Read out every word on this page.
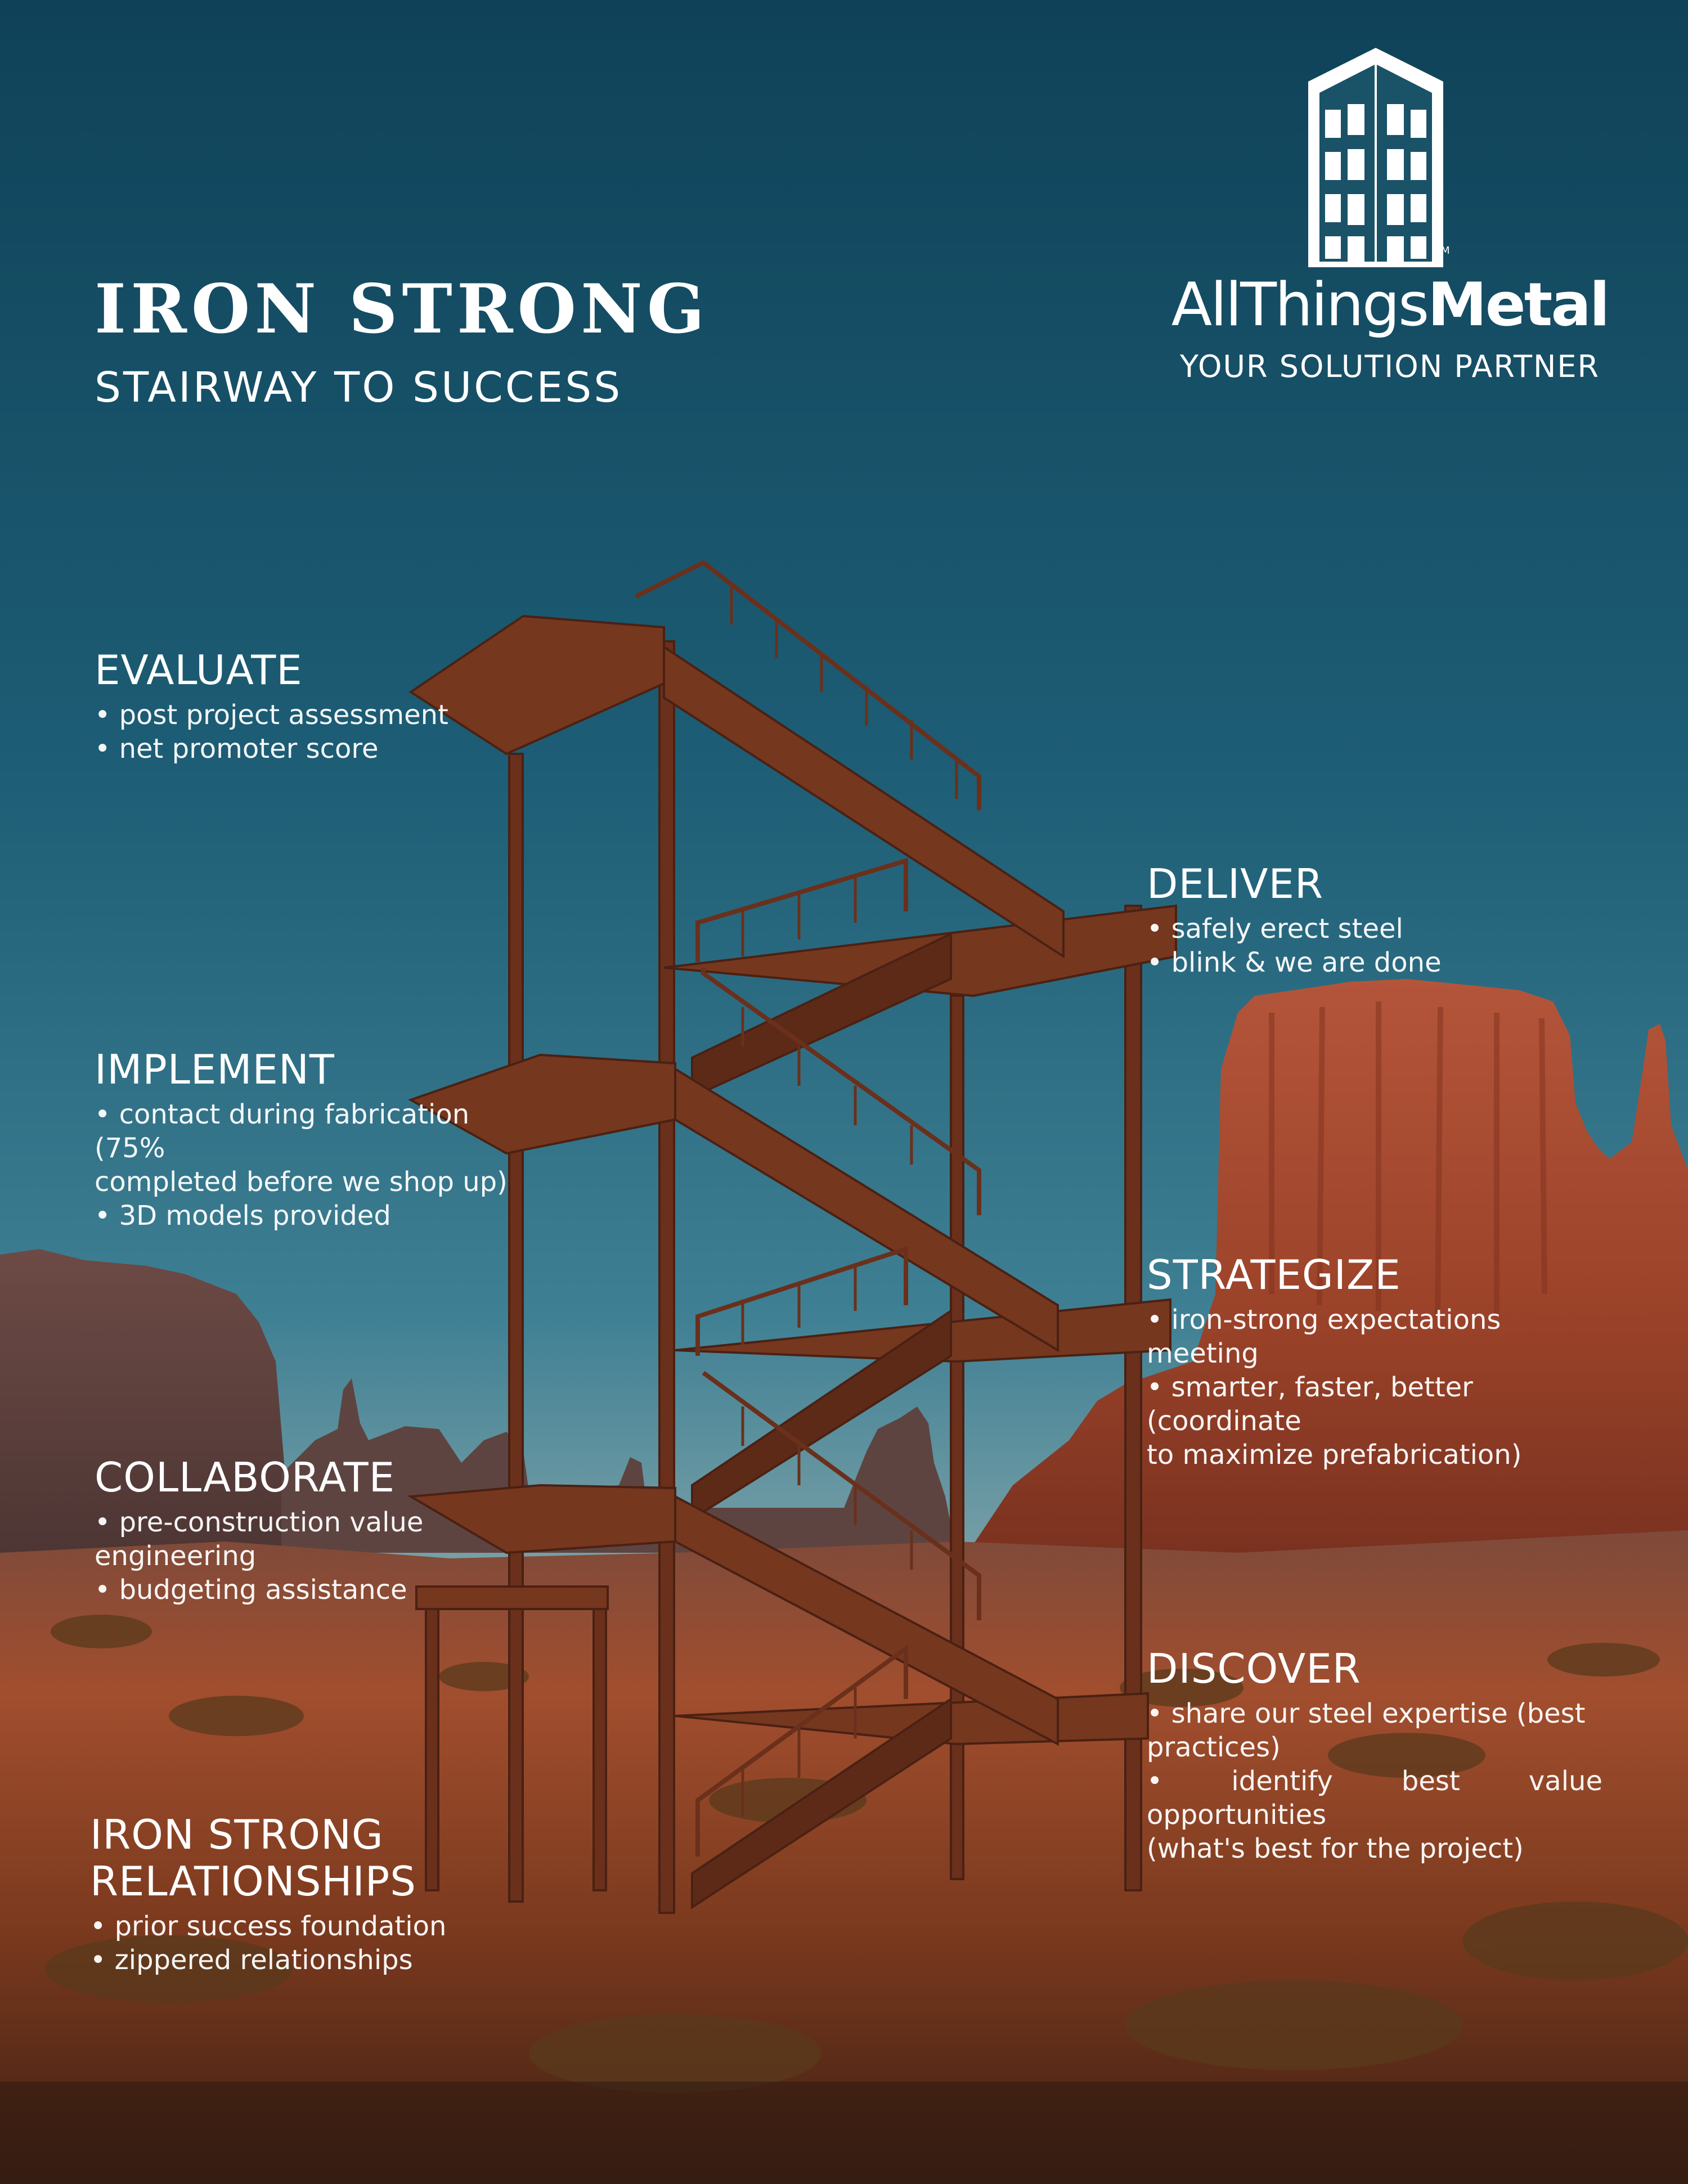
IRON STRONG
STAIRWAY TO SUCCESS
AllThingsMetal
TM
YOUR SOLUTION PARTNER
EVALUATE
• post project assessment
• net promoter score
DELIVER
• safely erect steel
• blink & we are done
IMPLEMENT
• contact during fabrication (75%
completed before we shop up)
• 3D models provided
STRATEGIZE
• iron-strong expectations meeting
• smarter, faster, better (coordinate
to maximize prefabrication)
COLLABORATE
• pre-construction value
engineering
• budgeting assistance
DISCOVER
• share our steel expertise (best
practices)
• identify best value opportunities
(what's best for the project)
IRON STRONG
RELATIONSHIPS
• prior success foundation
• zippered relationships
